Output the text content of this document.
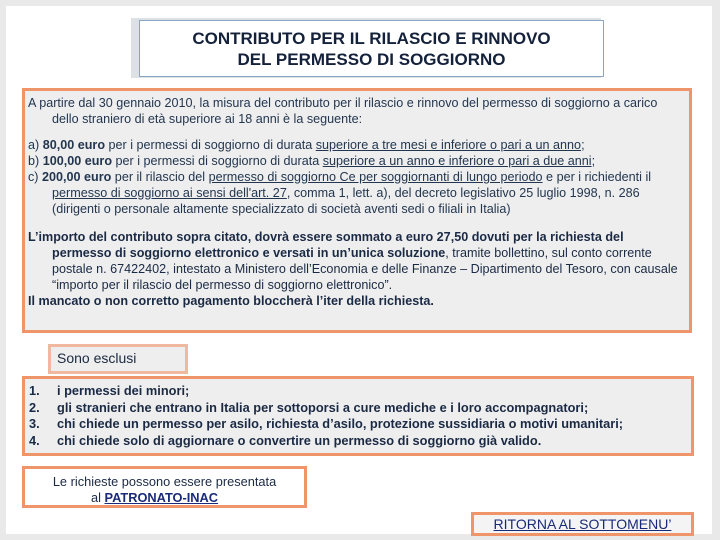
CONTRIBUTO PER IL RILASCIO E RINNOVO
DEL PERMESSO DI SOGGIORNO

A partire dal 30 gennaio 2010, la misura del contributo per il rilascio e rinnovo del permesso di soggiorno a carico dello straniero di età superiore ai 18 anni è la seguente:

a) 80,00 euro per i permessi di soggiorno di durata superiore a tre mesi e inferiore o pari a un anno;

b) 100,00 euro per i permessi di soggiorno di durata superiore a un anno e inferiore o pari a due anni;

c) 200,00 euro per il rilascio del permesso di soggiorno Ce per soggiornanti di lungo periodo e per i richiedenti il permesso di soggiorno ai sensi dell'art. 27, comma 1, lett. a), del decreto legislativo 25 luglio 1998, n. 286 (dirigenti o personale altamente specializzato di società aventi sedi o filiali in Italia)

L’importo del contributo sopra citato, dovrà essere sommato a euro 27,50 dovuti per la richiesta del permesso di soggiorno elettronico e versati in un’unica soluzione, tramite bollettino, sul conto corrente postale n. 67422402, intestato a Ministero dell’Economia e delle Finanze – Dipartimento del Tesoro, con causale “importo per il rilascio del permesso di soggiorno elettronico”.

Il mancato o non corretto pagamento bloccherà l’iter della richiesta.

Sono esclusi
1.	i permessi dei minori;
2.	gli stranieri che entrano in Italia per sottoporsi a cure mediche e i loro accompagnatori;
3.	chi chiede un permesso per asilo, richiesta d’asilo, protezione sussidiaria o motivi umanitari;
4.	chi chiede solo di aggiornare o convertire un permesso di soggiorno già valido.
Le richieste possono essere presentata
al PATRONATO-INAC
RITORNA AL SOTTOMENU’
